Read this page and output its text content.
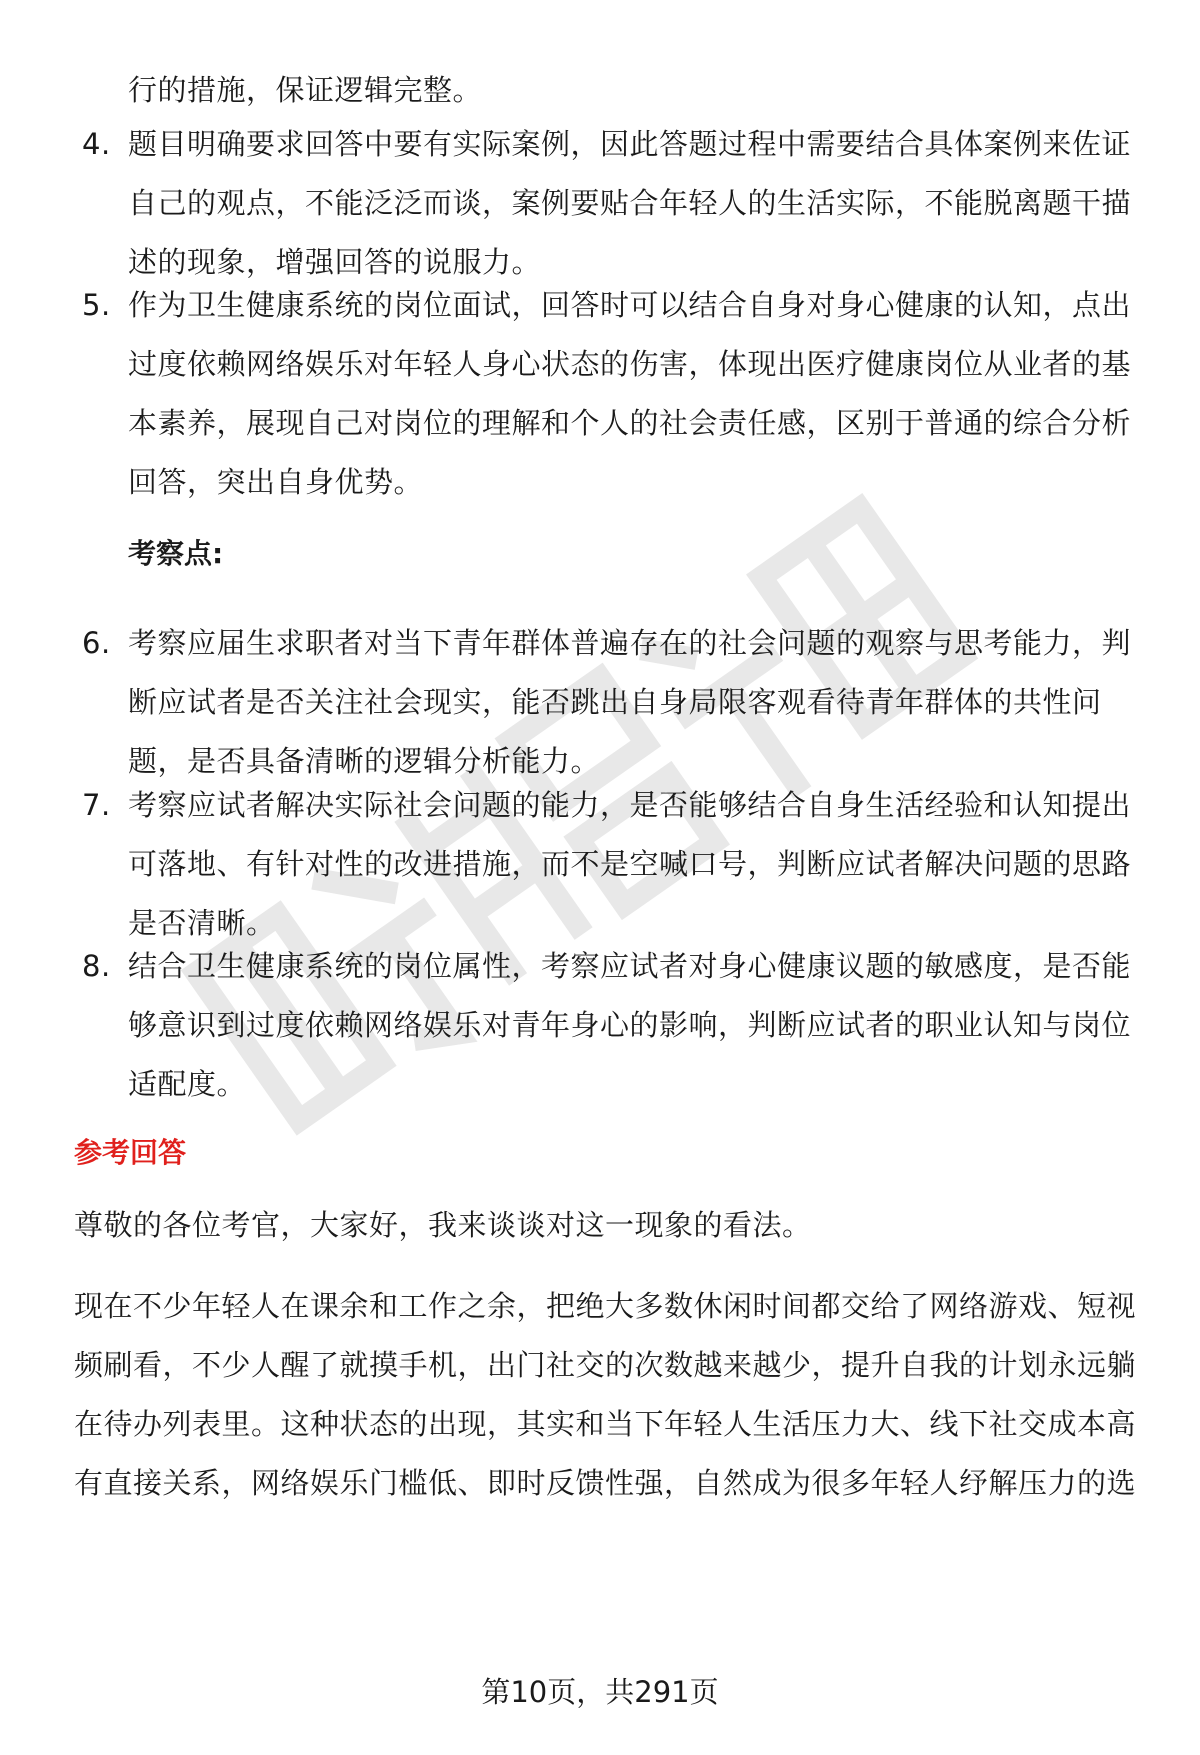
行的措施，保证逻辑完整。
4. 题目明确要求回答中要有实际案例，因此答题过程中需要结合具体案例来佐证自己的观点，不能泛泛而谈，案例要贴合年轻人的生活实际，不能脱离题干描述的现象，增强回答的说服力。
5. 作为卫生健康系统的岗位面试，回答时可以结合自身对身心健康的认知，点出过度依赖网络娱乐对年轻人身心状态的伤害，体现出医疗健康岗位从业者的基本素养，展现自己对岗位的理解和个人的社会责任感，区别于普通的综合分析回答，突出自身优势。
考察点:
6. 考察应届生求职者对当下青年群体普遍存在的社会问题的观察与思考能力，判断应试者是否关注社会现实，能否跳出自身局限客观看待青年群体的共性问题，是否具备清晰的逻辑分析能力。
7. 考察应试者解决实际社会问题的能力，是否能够结合自身生活经验和认知提出可落地、有针对性的改进措施，而不是空喊口号，判断应试者解决问题的思路是否清晰。
8. 结合卫生健康系统的岗位属性，考察应试者对身心健康议题的敏感度，是否能够意识到过度依赖网络娱乐对青年身心的影响，判断应试者的职业认知与岗位适配度。
参考回答
尊敬的各位考官，大家好，我来谈谈对这一现象的看法。
现在不少年轻人在课余和工作之余，把绝大多数休闲时间都交给了网络游戏、短视频刷看，不少人醒了就摸手机，出门社交的次数越来越少，提升自我的计划永远躺在待办列表里。这种状态的出现，其实和当下年轻人生活压力大、线下社交成本高有直接关系，网络娱乐门槛低、即时反馈性强，自然成为很多年轻人纾解压力的选
第10页，共291页
